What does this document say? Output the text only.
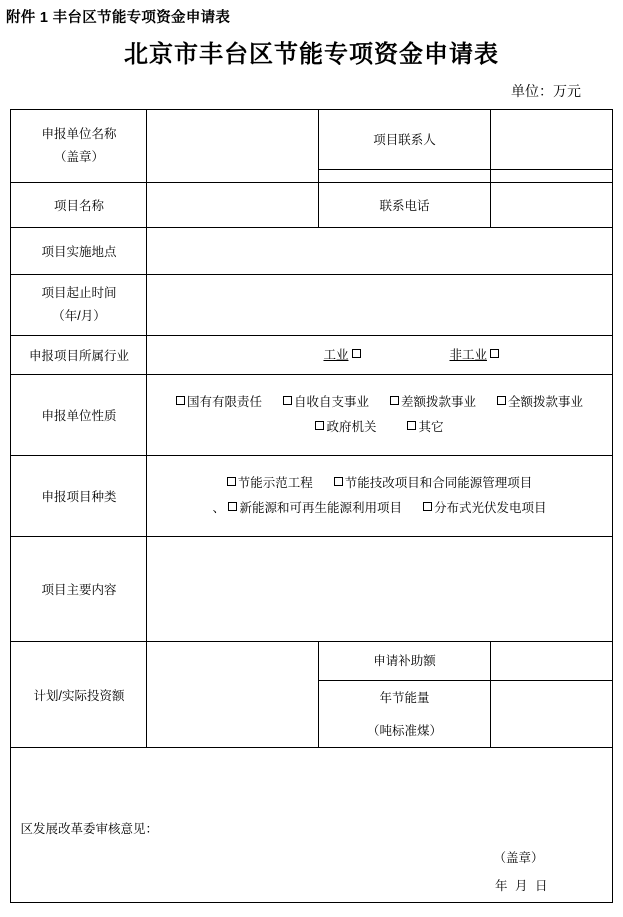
附件 1 丰台区节能专项资金申请表
北京市丰台区节能专项资金申请表
单位：万元
申报单位名称
（盖章）		项目联系人	

项目名称		联系电话	
项目实施地点			

项目起止时间
（年/月）			

申报项目所属行业	工业 非工业		
申报单位性质	国有有限责任 自收自支事业 差额拨款事业 全额拨款事业
政府机关 其它		

申报项目种类	节能示范工程 节能技改项目和合同能源管理项目
、 新能源和可再生能源利用项目 分布式光伏发电项目		

项目主要内容			
计划/实际投资额		申请补助额	
		年节能量	
		（吨标准煤）	

区发展改革委审核意见：
（盖章）
年 月 日			
